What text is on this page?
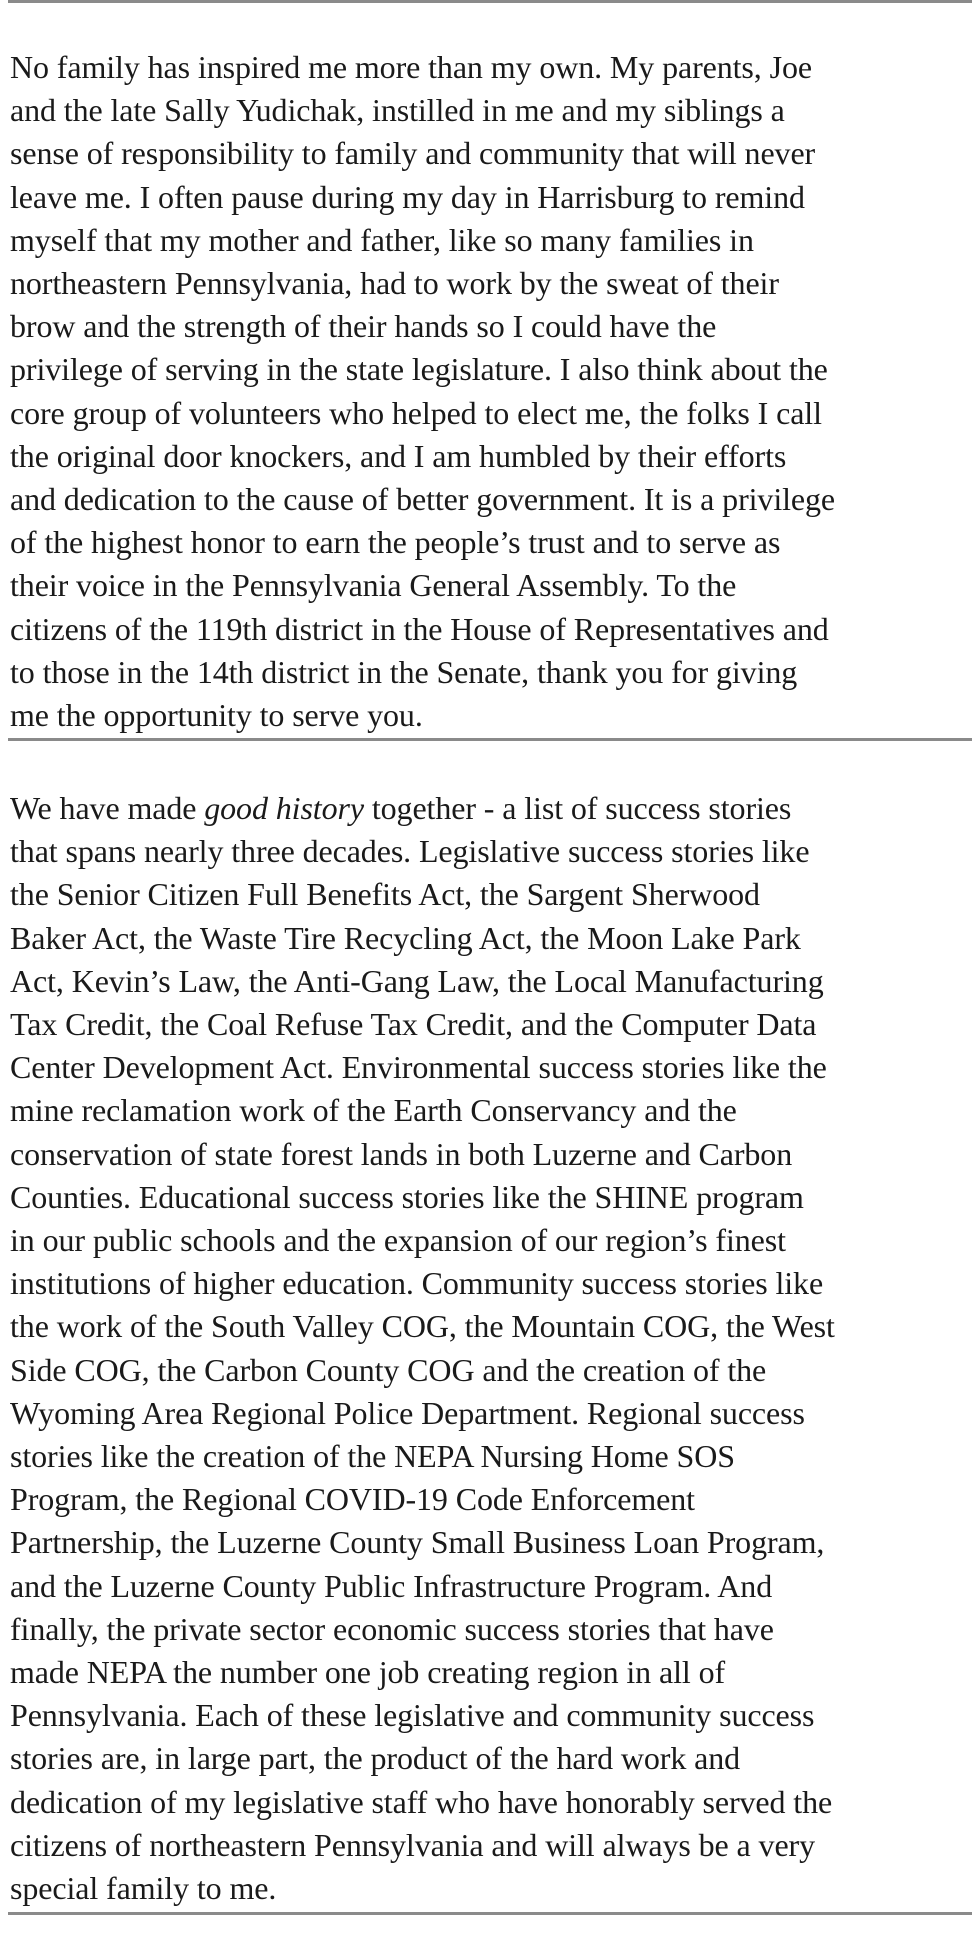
No family has inspired me more than my own. My parents, Joe
and the late Sally Yudichak, instilled in me and my siblings a
sense of responsibility to family and community that will never
leave me. I often pause during my day in Harrisburg to remind
myself that my mother and father, like so many families in
northeastern Pennsylvania, had to work by the sweat of their
brow and the strength of their hands so I could have the
privilege of serving in the state legislature. I also think about the
core group of volunteers who helped to elect me, the folks I call
the original door knockers, and I am humbled by their efforts
and dedication to the cause of better government. It is a privilege
of the highest honor to earn the people’s trust and to serve as
their voice in the Pennsylvania General Assembly. To the
citizens of the 119th district in the House of Representatives and
to those in the 14th district in the Senate, thank you for giving
me the opportunity to serve you.

We have made good history together - a list of success stories
that spans nearly three decades. Legislative success stories like
the Senior Citizen Full Benefits Act, the Sargent Sherwood
Baker Act, the Waste Tire Recycling Act, the Moon Lake Park
Act, Kevin’s Law, the Anti-Gang Law, the Local Manufacturing
Tax Credit, the Coal Refuse Tax Credit, and the Computer Data
Center Development Act. Environmental success stories like the
mine reclamation work of the Earth Conservancy and the
conservation of state forest lands in both Luzerne and Carbon
Counties. Educational success stories like the SHINE program
in our public schools and the expansion of our region’s finest
institutions of higher education. Community success stories like
the work of the South Valley COG, the Mountain COG, the West
Side COG, the Carbon County COG and the creation of the
Wyoming Area Regional Police Department. Regional success
stories like the creation of the NEPA Nursing Home SOS
Program, the Regional COVID-19 Code Enforcement
Partnership, the Luzerne County Small Business Loan Program,
and the Luzerne County Public Infrastructure Program. And
finally, the private sector economic success stories that have
made NEPA the number one job creating region in all of
Pennsylvania. Each of these legislative and community success
stories are, in large part, the product of the hard work and
dedication of my legislative staff who have honorably served the
citizens of northeastern Pennsylvania and will always be a very
special family to me.
